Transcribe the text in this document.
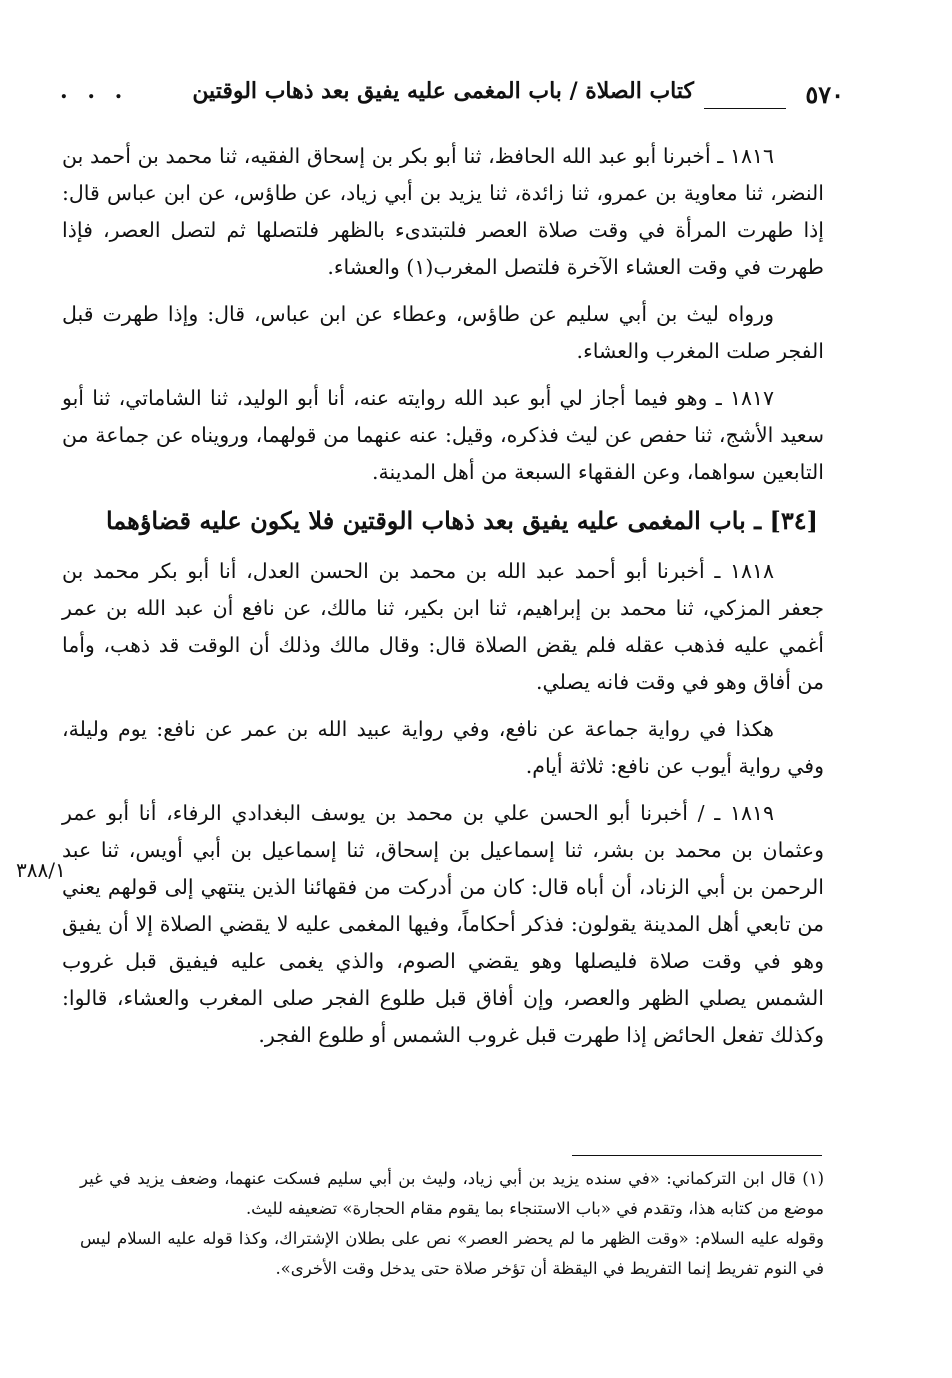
٥٧٠
كتاب الصلاة / باب المغمى عليه يفيق بعد ذهاب الوقتين
. . .
٣٨٨/١

١٨١٦ ـ أخبرنا أبو عبد الله الحافظ، ثنا أبو بكر بن إسحاق الفقيه، ثنا محمد بن أحمد بن النضر، ثنا معاوية بن عمرو، ثنا زائدة، ثنا يزيد بن أبي زياد، عن طاؤس، عن ابن عباس قال: إذا طهرت المرأة في وقت صلاة العصر فلتبتدىء بالظهر فلتصلها ثم لتصل العصر، فإذا طهرت في وقت العشاء الآخرة فلتصل المغرب(١) والعشاء.

ورواه ليث بن أبي سليم عن طاؤس، وعطاء عن ابن عباس، قال: وإذا طهرت قبل الفجر صلت المغرب والعشاء.

١٨١٧ ـ وهو فيما أجاز لي أبو عبد الله روايته عنه، أنا أبو الوليد، ثنا الشاماتي، ثنا أبو سعيد الأشج، ثنا حفص عن ليث فذكره، وقيل: عنه عنهما من قولهما، ورويناه عن جماعة من التابعين سواهما، وعن الفقهاء السبعة من أهل المدينة.

[٣٤] ـ باب المغمى عليه يفيق بعد ذهاب الوقتين فلا يكون عليه قضاؤهما

١٨١٨ ـ أخبرنا أبو أحمد عبد الله بن محمد بن الحسن العدل، أنا أبو بكر محمد بن جعفر المزكي، ثنا محمد بن إبراهيم، ثنا ابن بكير، ثنا مالك، عن نافع أن عبد الله بن عمر أغمي عليه فذهب عقله فلم يقض الصلاة قال: وقال مالك وذلك أن الوقت قد ذهب، وأما من أفاق وهو في وقت فانه يصلي.

هكذا في رواية جماعة عن نافع، وفي رواية عبيد الله بن عمر عن نافع: يوم وليلة، وفي رواية أيوب عن نافع: ثلاثة أيام.

١٨١٩ ـ / أخبرنا أبو الحسن علي بن محمد بن يوسف البغدادي الرفاء، أنا أبو عمر وعثمان بن محمد بن بشر، ثنا إسماعيل بن إسحاق، ثنا إسماعيل بن أبي أويس، ثنا عبد الرحمن بن أبي الزناد، أن أباه قال: كان من أدركت من فقهائنا الذين ينتهي إلى قولهم يعني من تابعي أهل المدينة يقولون: فذكر أحكاماً، وفيها المغمى عليه لا يقضي الصلاة إلا أن يفيق وهو في وقت صلاة فليصلها وهو يقضي الصوم، والذي يغمى عليه فيفيق قبل غروب الشمس يصلي الظهر والعصر، وإن أفاق قبل طلوع الفجر صلى المغرب والعشاء، قالوا: وكذلك تفعل الحائض إذا طهرت قبل غروب الشمس أو طلوع الفجر.

(١) قال ابن التركماني: «في سنده يزيد بن أبي زياد، وليث بن أبي سليم فسكت عنهما، وضعف يزيد في غير موضع من كتابه هذا، وتقدم في «باب الاستنجاء بما يقوم مقام الحجارة» تضعيفه لليث.

وقوله عليه السلام: «وقت الظهر ما لم يحضر العصر» نص على بطلان الإشتراك، وكذا قوله عليه السلام ليس في النوم تفريط إنما التفريط في اليقظة أن تؤخر صلاة حتى يدخل وقت الأخرى».
